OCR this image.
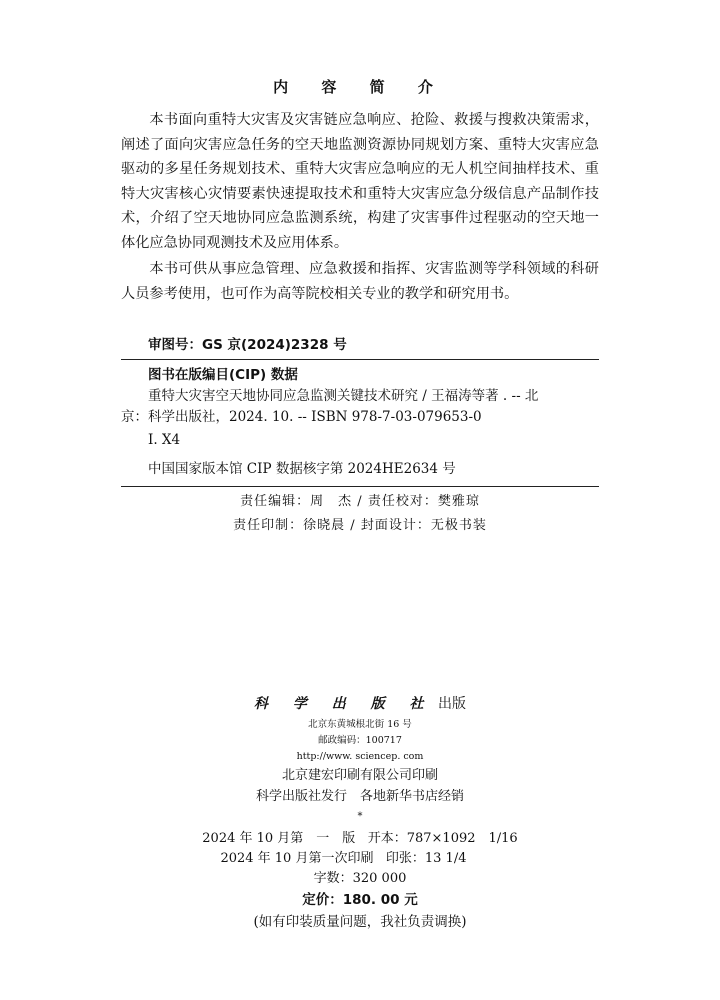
内 容 简 介

本书面向重特大灾害及灾害链应急响应、抢险、救援与搜救决策需求，阐述了面向灾害应急任务的空天地监测资源协同规划方案、重特大灾害应急驱动的多星任务规划技术、重特大灾害应急响应的无人机空间抽样技术、重特大灾害核心灾情要素快速提取技术和重特大灾害应急分级信息产品制作技术，介绍了空天地协同应急监测系统，构建了灾害事件过程驱动的空天地一体化应急协同观测技术及应用体系。

本书可供从事应急管理、应急救援和指挥、灾害监测等学科领域的科研人员参考使用，也可作为高等院校相关专业的教学和研究用书。

审图号：GS 京(2024)2328 号
图书在版编目(CIP) 数据
重特大灾害空天地协同应急监测关键技术研究 / 王福涛等著 . -- 北
京：科学出版社，2024. 10. -- ISBN 978-7-03-079653-0
Ⅰ. X4
中国国家版本馆 CIP 数据核字第 2024HE2634 号
责任编辑：周　杰 / 责任校对：樊雅琼
责任印制：徐晓晨 / 封面设计：无极书装
科 学 出 版 社 出版
北京东黄城根北街 16 号
邮政编码：100717
http://www. sciencep. com
北京建宏印刷有限公司印刷
科学出版社发行　各地新华书店经销
*
2024 年 10 月第　一　版 开本：787×1092　1/16
2024 年 10 月第一次印刷 印张：13 1/4
字数：320 000
定价：180. 00 元
(如有印装质量问题，我社负责调换)
